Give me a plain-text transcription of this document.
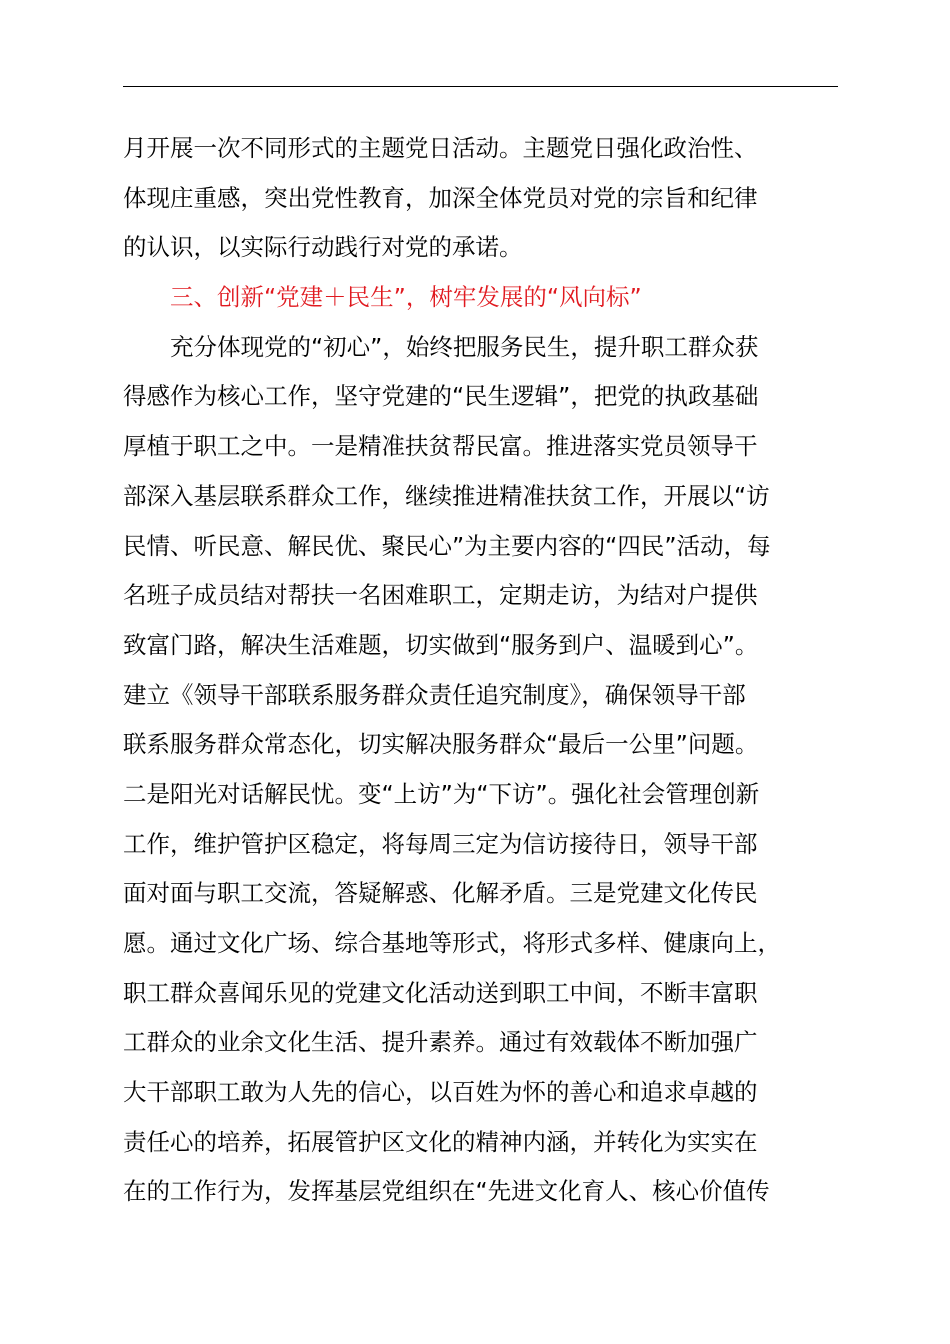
月开展一次不同形式的主题党日活动。主题党日强化政治性、
体现庄重感，突出党性教育，加深全体党员对党的宗旨和纪律
的认识，以实际行动践行对党的承诺。
三、创新“党建＋民生”，树牢发展的“风向标”
充分体现党的“初心”，始终把服务民生，提升职工群众获
得感作为核心工作，坚守党建的“民生逻辑”，把党的执政基础
厚植于职工之中。一是精准扶贫帮民富。推进落实党员领导干
部深入基层联系群众工作，继续推进精准扶贫工作，开展以“访
民情、听民意、解民优、聚民心”为主要内容的“四民”活动，每
名班子成员结对帮扶一名困难职工，定期走访，为结对户提供
致富门路，解决生活难题，切实做到“服务到户、温暖到心”。
建立《领导干部联系服务群众责任追究制度》，确保领导干部
联系服务群众常态化，切实解决服务群众“最后一公里”问题。
二是阳光对话解民忧。变“上访”为“下访”。强化社会管理创新
工作，维护管护区稳定，将每周三定为信访接待日，领导干部
面对面与职工交流，答疑解惑、化解矛盾。三是党建文化传民
愿。通过文化广场、综合基地等形式，将形式多样、健康向上，
职工群众喜闻乐见的党建文化活动送到职工中间，不断丰富职
工群众的业余文化生活、提升素养。通过有效载体不断加强广
大干部职工敢为人先的信心，以百姓为怀的善心和追求卓越的
责任心的培养，拓展管护区文化的精神内涵，并转化为实实在
在的工作行为，发挥基层党组织在“先进文化育人、核心价值传
